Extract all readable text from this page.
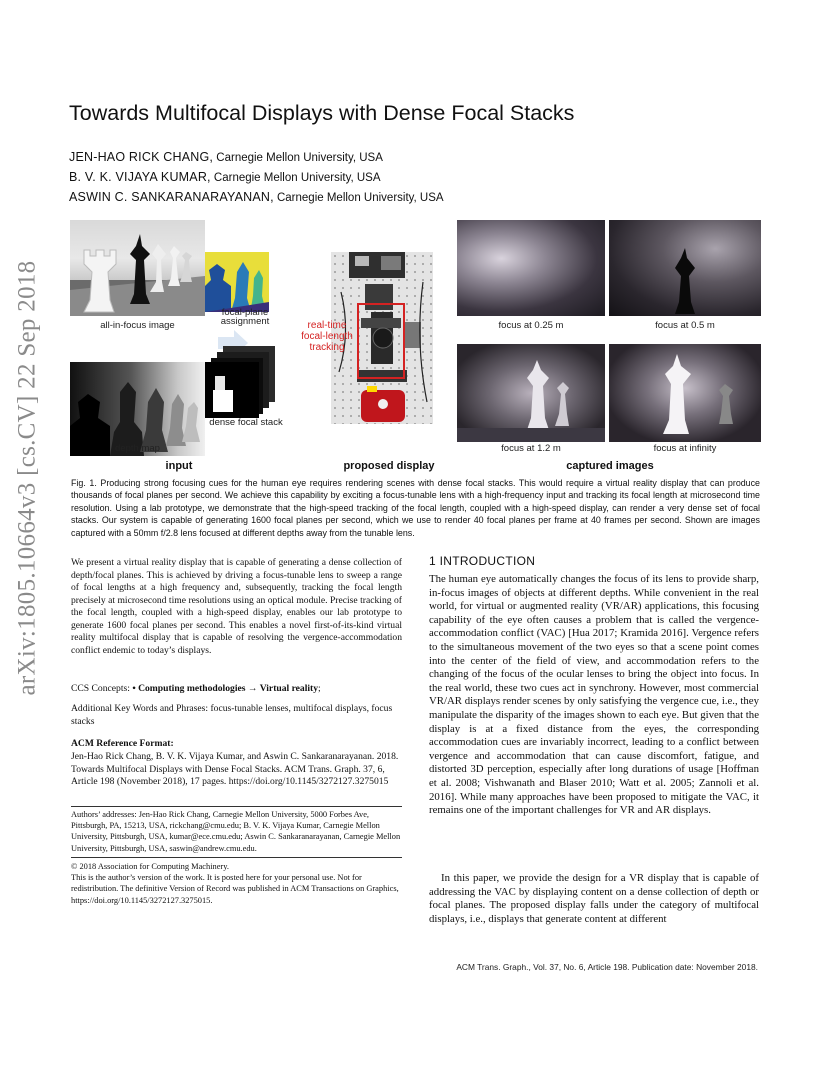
arXiv:1805.10664v3 [cs.CV] 22 Sep 2018
Towards Multifocal Displays with Dense Focal Stacks
JEN-HAO RICK CHANG, Carnegie Mellon University, USA
B. V. K. VIJAYA KUMAR, Carnegie Mellon University, USA
ASWIN C. SANKARANARAYANAN, Carnegie Mellon University, USA
all-in-focus image
depth map
focal-plane
assignment
dense focal stack
real-time
focal-length
tracking
focus at 0.25 m	focus at 0.5 m
focus at 1.2 m	focus at infinity
input	proposed display	captured images
Fig. 1. Producing strong focusing cues for the human eye requires rendering scenes with dense focal stacks. This would require a virtual reality display that can produce thousands of focal planes per second. We achieve this capability by exciting a focus-tunable lens with a high-frequency input and tracking its focal length at microsecond time resolution. Using a lab prototype, we demonstrate that the high-speed tracking of the focal length, coupled with a high-speed display, can render a very dense set of focal stacks. Our system is capable of generating 1600 focal planes per second, which we use to render 40 focal planes per frame at 40 frames per second. Shown are images captured with a 50mm f/2.8 lens focused at different depths away from the tunable lens.
We present a virtual reality display that is capable of generating a dense collection of depth/focal planes. This is achieved by driving a focus-tunable lens to sweep a range of focal lengths at a high frequency and, subsequently, tracking the focal length precisely at microsecond time resolutions using an optical module. Precise tracking of the focal length, coupled with a high-speed display, enables our lab prototype to generate 1600 focal planes per second. This enables a novel first-of-its-kind virtual reality multifocal display that is capable of resolving the vergence-accommodation conflict endemic to today’s displays.
CCS Concepts: • Computing methodologies → Virtual reality;
Additional Key Words and Phrases: focus-tunable lenses, multifocal displays, focus stacks
ACM Reference Format:
Jen-Hao Rick Chang, B. V. K. Vijaya Kumar, and Aswin C. Sankaranarayanan. 2018. Towards Multifocal Displays with Dense Focal Stacks. ACM Trans. Graph. 37, 6, Article 198 (November 2018), 17 pages. https://doi.org/10.1145/3272127.3275015
Authors’ addresses: Jen-Hao Rick Chang, Carnegie Mellon University, 5000 Forbes Ave, Pittsburgh, PA, 15213, USA, rickchang@cmu.edu; B. V. K. Vijaya Kumar, Carnegie Mellon University, Pittsburgh, USA, kumar@ece.cmu.edu; Aswin C. Sankaranarayanan, Carnegie Mellon University, Pittsburgh, USA, saswin@andrew.cmu.edu.
© 2018 Association for Computing Machinery.
This is the author’s version of the work. It is posted here for your personal use. Not for redistribution. The definitive Version of Record was published in ACM Transactions on Graphics, https://doi.org/10.1145/3272127.3275015.
1 INTRODUCTION
The human eye automatically changes the focus of its lens to provide sharp, in-focus images of objects at different depths. While convenient in the real world, for virtual or augmented reality (VR/AR) applications, this focusing capability of the eye often causes a problem that is called the vergence-accommodation conflict (VAC) [Hua 2017; Kramida 2016]. Vergence refers to the simultaneous movement of the two eyes so that a scene point comes into the center of the field of view, and accommodation refers to the changing of the focus of the ocular lenses to bring the object into focus. In the real world, these two cues act in synchrony. However, most commercial VR/AR displays render scenes by only satisfying the vergence cue, i.e., they manipulate the disparity of the images shown to each eye. But given that the display is at a fixed distance from the eyes, the corresponding accommodation cues are invariably incorrect, leading to a conflict between vergence and accommodation that can cause discomfort, fatigue, and distorted 3D perception, especially after long durations of usage [Hoffman et al. 2008; Vishwanath and Blaser 2010; Watt et al. 2005; Zannoli et al. 2016]. While many approaches have been proposed to mitigate the VAC, it remains one of the important challenges for VR and AR displays.
In this paper, we provide the design for a VR display that is capable of addressing the VAC by displaying content on a dense collection of depth or focal planes. The proposed display falls under the category of multifocal displays, i.e., displays that generate content at different
ACM Trans. Graph., Vol. 37, No. 6, Article 198. Publication date: November 2018.
